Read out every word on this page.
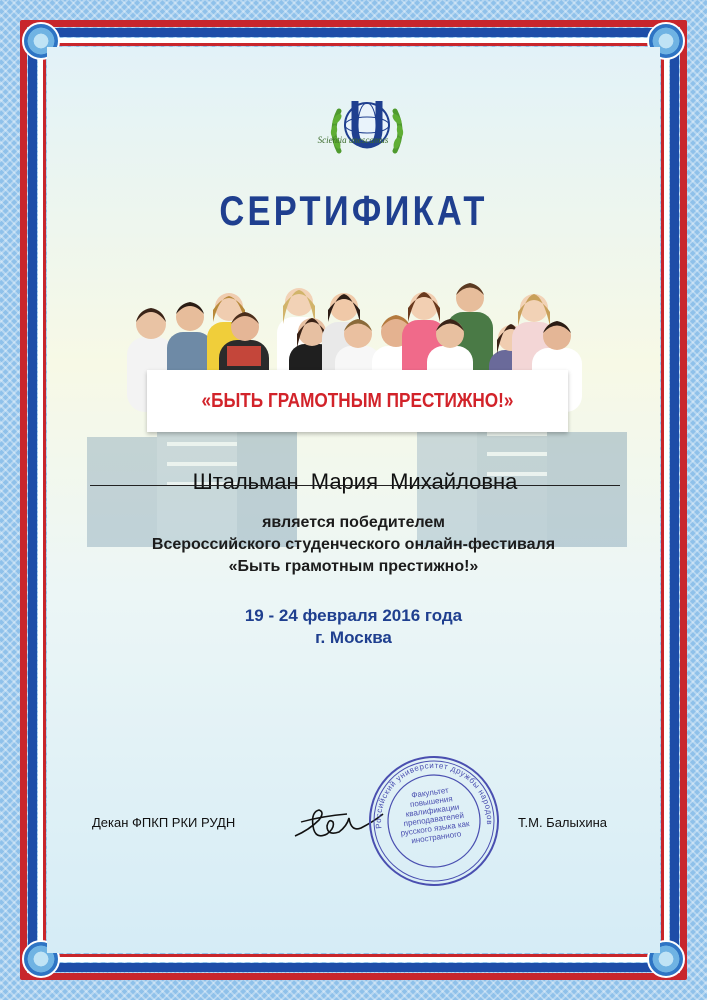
Scientia unescamus
СЕРТИФИКАТ
«БЫТЬ ГРАМОТНЫМ ПРЕСТИЖНО!»
Штальман Мария Михайловна
является победителем
Всероссийского студенческого онлайн-фестиваля
«Быть грамотным престижно!»
19 - 24 февраля 2016 года
г. Москва
Декан ФПКП РКИ РУДН	Российский университет дружбы народов
Факультет повышения квалификации преподавателей русского языка как иностранного
Т.М. Балыхина
